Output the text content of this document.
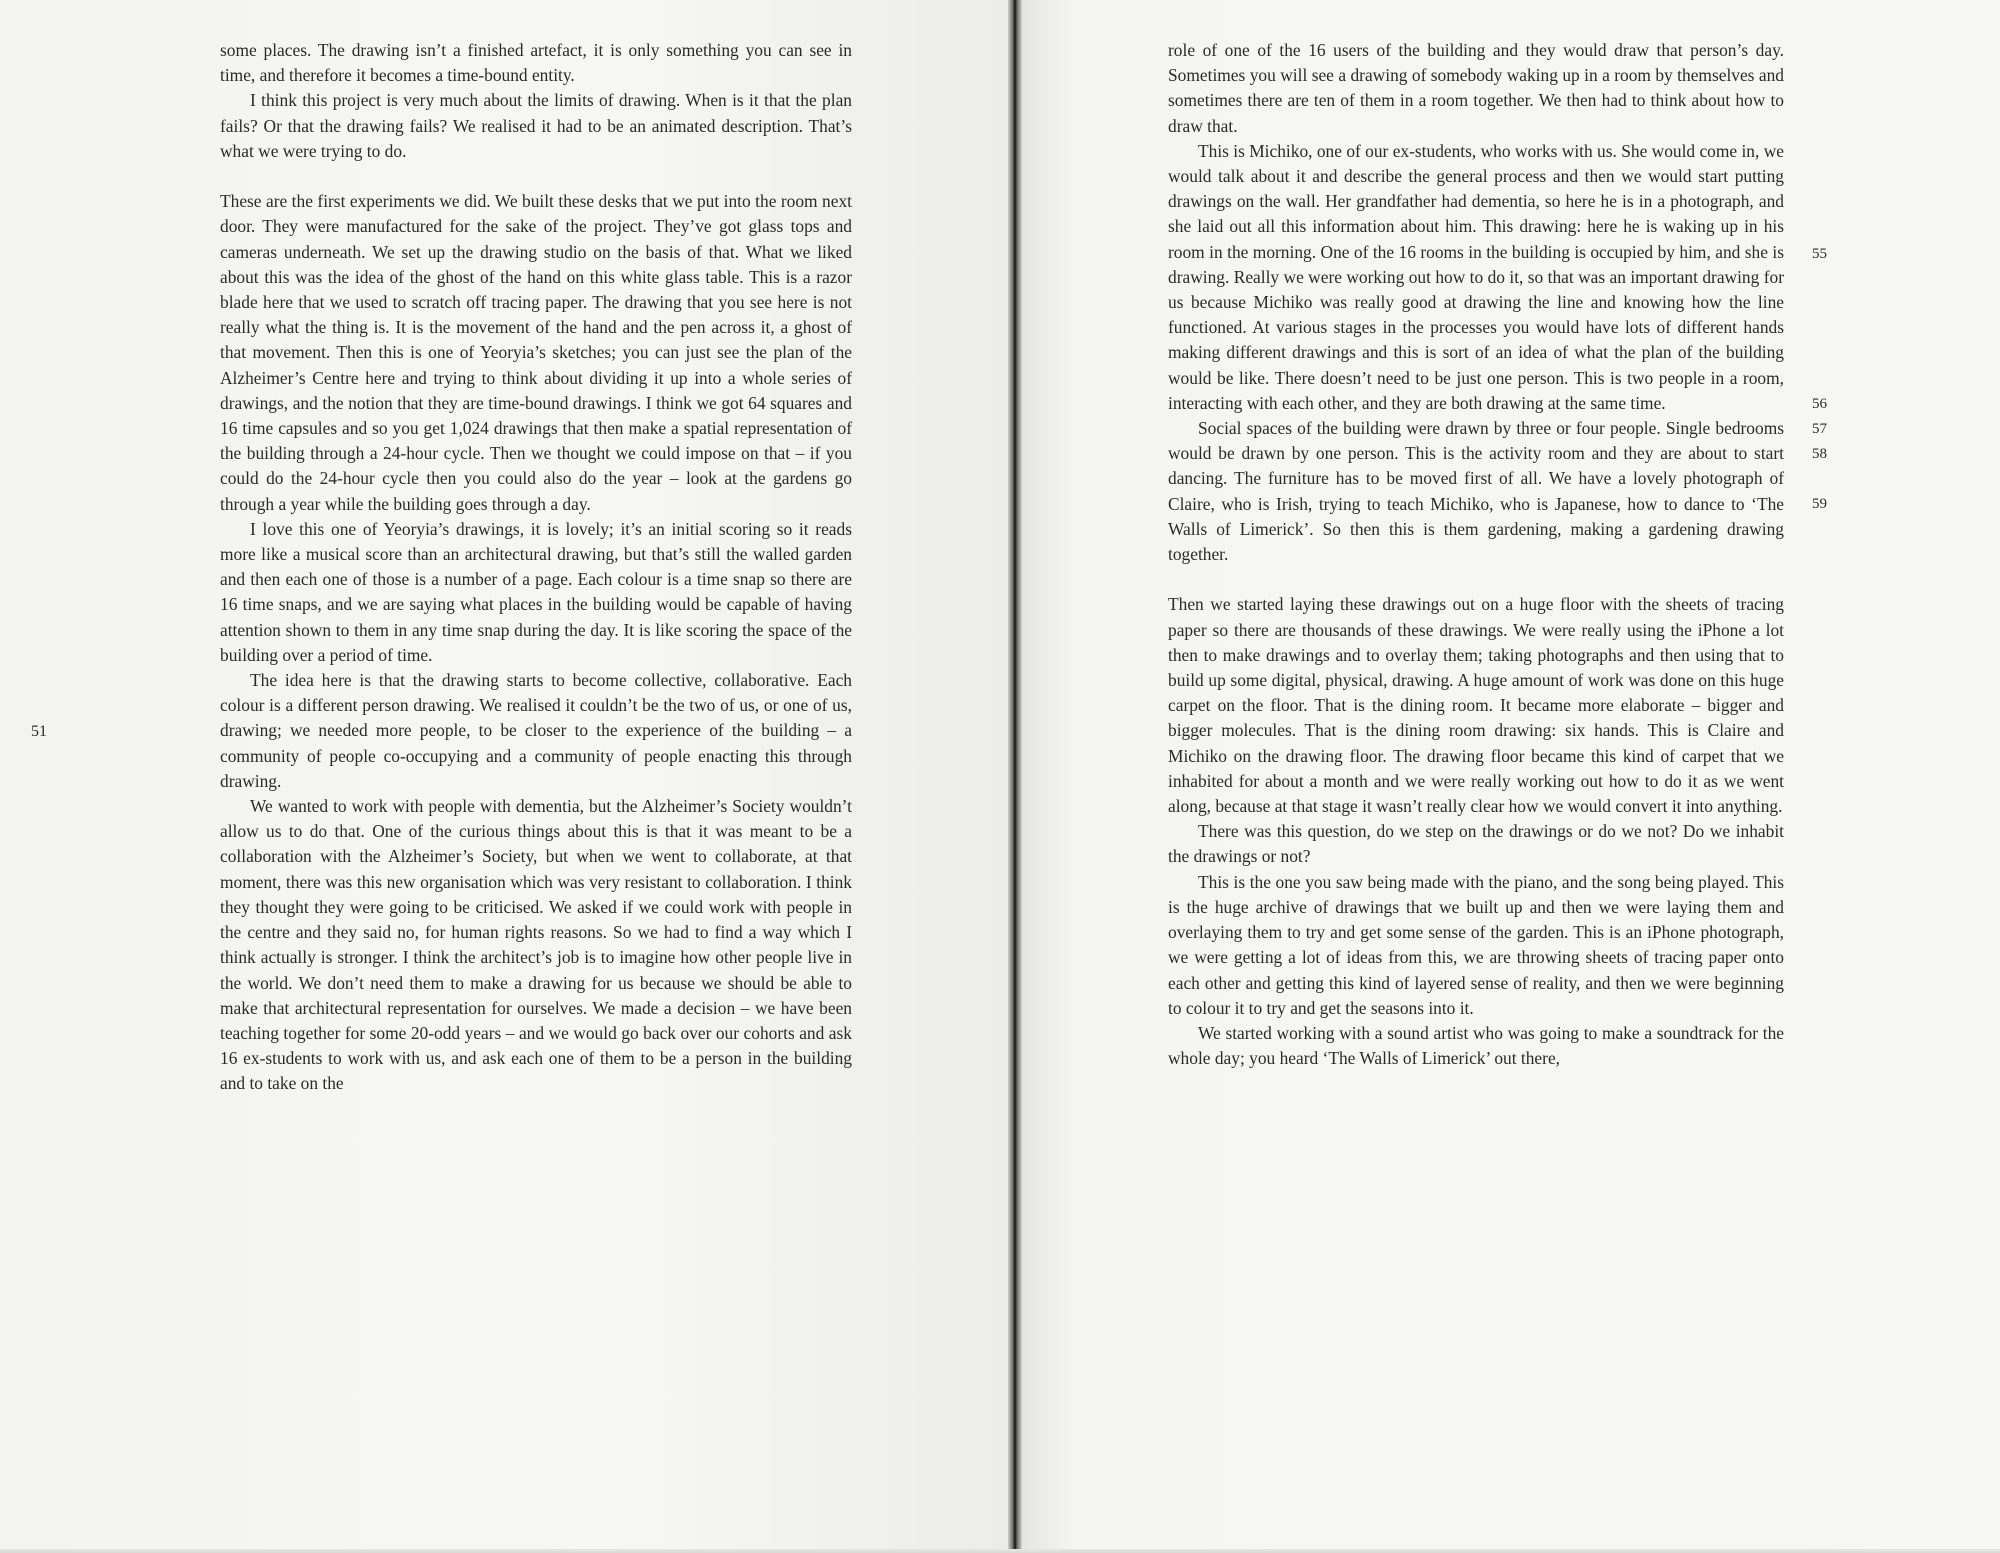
some places. The drawing isn’t a finished artefact, it is only something you can see in time, and therefore it becomes a time-bound entity.

I think this project is very much about the limits of drawing. When is it that the plan fails? Or that the drawing fails? We realised it had to be an animated description. That’s what we were trying to do.

These are the first experiments we did. We built these desks that we put into the room next door. They were manufactured for the sake of the project. They’ve got glass tops and cameras underneath. We set up the drawing studio on the basis of that. What we liked about this was the idea of the ghost of the hand on this white glass table. This is a razor blade here that we used to scratch off tracing paper. The drawing that you see here is not really what the thing is. It is the movement of the hand and the pen across it, a ghost of that movement. Then this is one of Yeoryia’s sketches; you can just see the plan of the Alzheimer’s Centre here and trying to think about dividing it up into a whole series of drawings, and the notion that they are time-bound drawings. I think we got 64 squares and 16 time capsules and so you get 1,024 drawings that then make a spatial representation of the building through a 24-hour cycle. Then we thought we could impose on that – if you could do the 24-hour cycle then you could also do the year – look at the gardens go through a year while the building goes through a day.

I love this one of Yeoryia’s drawings, it is lovely; it’s an initial scoring so it reads more like a musical score than an architectural drawing, but that’s still the walled garden and then each one of those is a number of a page. Each colour is a time snap so there are 16 time snaps, and we are saying what places in the building would be capable of having attention shown to them in any time snap during the day. It is like scoring the space of the building over a period of time.

The idea here is that the drawing starts to become collective, collaborative. Each colour is a different person drawing. We realised it couldn’t be the two of us, or one of us, drawing; we needed more people, to be closer to the experience of the building – a community of people co-occupying and a community of people enacting this through drawing.

We wanted to work with people with dementia, but the Alzheimer’s Society wouldn’t allow us to do that. One of the curious things about this is that it was meant to be a collaboration with the Alzheimer’s Society, but when we went to collaborate, at that moment, there was this new organisation which was very resistant to collaboration. I think they thought they were going to be criticised. We asked if we could work with people in the centre and they said no, for human rights reasons. So we had to find a way which I think actually is stronger. I think the architect’s job is to imagine how other people live in the world. We don’t need them to make a drawing for us because we should be able to make that architectural representation for ourselves. We made a decision – we have been teaching together for some 20-odd years – and we would go back over our cohorts and ask 16 ex-students to work with us, and ask each one of them to be a person in the building and to take on the

51

role of one of the 16 users of the building and they would draw that person’s day. Sometimes you will see a drawing of somebody waking up in a room by themselves and sometimes there are ten of them in a room together. We then had to think about how to draw that.

This is Michiko, one of our ex-students, who works with us. She would come in, we would talk about it and describe the general process and then we would start putting drawings on the wall. Her grandfather had dementia, so here he is in a photograph, and she laid out all this information about him. This drawing: here he is waking up in his room in the morning. One of the 16 rooms in the building is occupied by him, and she is drawing. Really we were working out how to do it, so that was an important drawing for us because Michiko was really good at drawing the line and knowing how the line functioned. At various stages in the processes you would have lots of different hands making different drawings and this is sort of an idea of what the plan of the building would be like. There doesn’t need to be just one person. This is two people in a room, interacting with each other, and they are both drawing at the same time.

Social spaces of the building were drawn by three or four people. Single bedrooms would be drawn by one person. This is the activity room and they are about to start dancing. The furniture has to be moved first of all. We have a lovely photograph of Claire, who is Irish, trying to teach Michiko, who is Japanese, how to dance to ‘The Walls of Limerick’. So then this is them gardening, making a gardening drawing together.

Then we started laying these drawings out on a huge floor with the sheets of tracing paper so there are thousands of these drawings. We were really using the iPhone a lot then to make drawings and to overlay them; taking photographs and then using that to build up some digital, physical, drawing. A huge amount of work was done on this huge carpet on the floor. That is the dining room. It became more elaborate – bigger and bigger molecules. That is the dining room drawing: six hands. This is Claire and Michiko on the drawing floor. The drawing floor became this kind of carpet that we inhabited for about a month and we were really working out how to do it as we went along, because at that stage it wasn’t really clear how we would convert it into anything.

There was this question, do we step on the drawings or do we not? Do we inhabit the drawings or not?

This is the one you saw being made with the piano, and the song being played. This is the huge archive of drawings that we built up and then we were laying them and overlaying them to try and get some sense of the garden. This is an iPhone photograph, we were getting a lot of ideas from this, we are throwing sheets of tracing paper onto each other and getting this kind of layered sense of reality, and then we were beginning to colour it to try and get the seasons into it.

We started working with a sound artist who was going to make a soundtrack for the whole day; you heard ‘The Walls of Limerick’ out there,

55
56
57
58
59
